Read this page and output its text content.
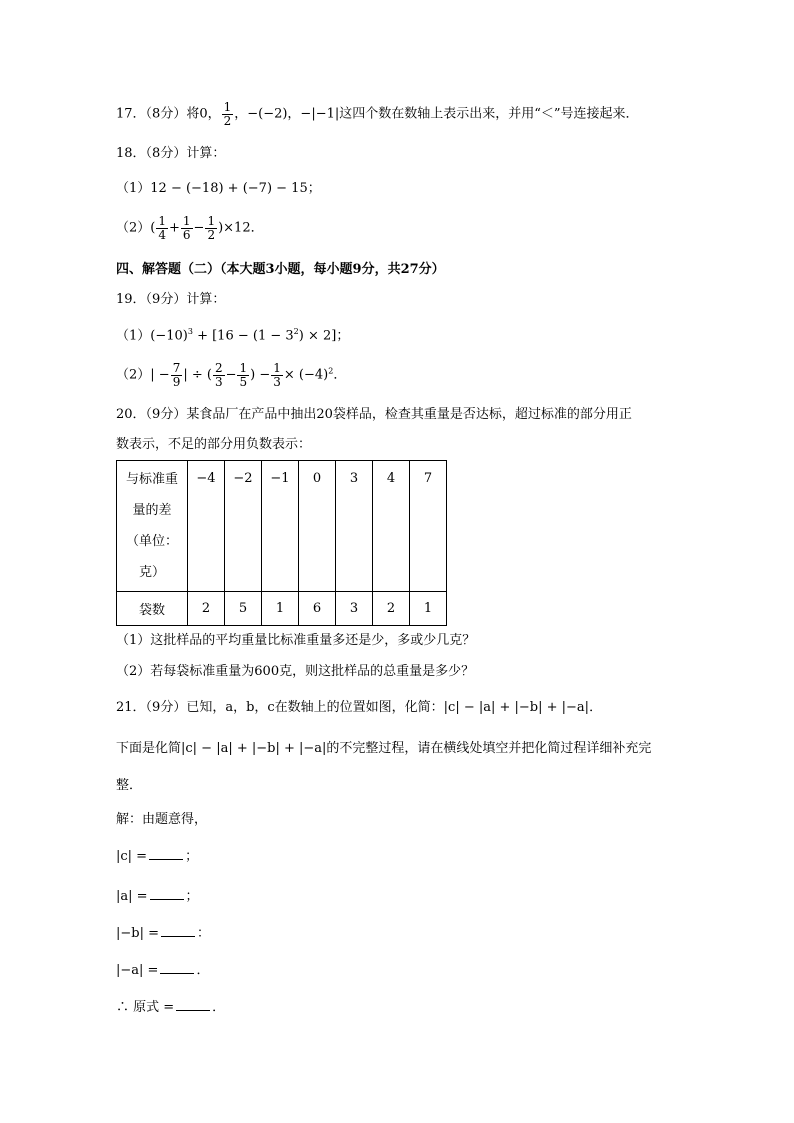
17．（8分）将0， $\frac{1}{2}$ ，−(−2)，−|−1|这四个数在数轴上表示出来，并用“＜”号连接起来．
18．（8分）计算：
（1）12 − (−18) + (−7) − 15；
$(2)( \frac{1}{4} + \frac{1}{6} - \frac{1}{2} )\times 12$．
四、解答题（二）（本大题3小题，每小题9分，共27分）
19．（9分）计算：
$(1)(-10)^3 + [16 - (1 - 3^2) \times 2]$；
$(2)| - \frac{7}{9}$ | ÷ ( $\frac{2}{3} - \frac{1}{5}$ ) − $\frac{1}{3} \times (-4)^2$．
20．（9分）某食品厂在产品中抽出20袋样品，检查其重量是否达标，超过标准的部分用正
数表示，不足的部分用负数表示：
与标准重
量的差
（单位：
克）	−4	−2	−1	0	3	4	7
袋数	2	5	1	6	3	2	1
（1）这批样品的平均重量比标准重量多还是少，多或少几克？
（2）若每袋标准重量为600克，则这批样品的总重量是多少？
21．（9分）已知，a，b，c在数轴上的位置如图，化简：|c| − |a| + |−b| + |−a|．
下面是化简|c| − |a| + |−b| + |−a|的不完整过程，请在横线处填空并把化简过程详细补充完
整．
解：由题意得，
|c| =	；
|a| =	；
|−b| =	：
|−a| =	．
∴ 原式 =	．
